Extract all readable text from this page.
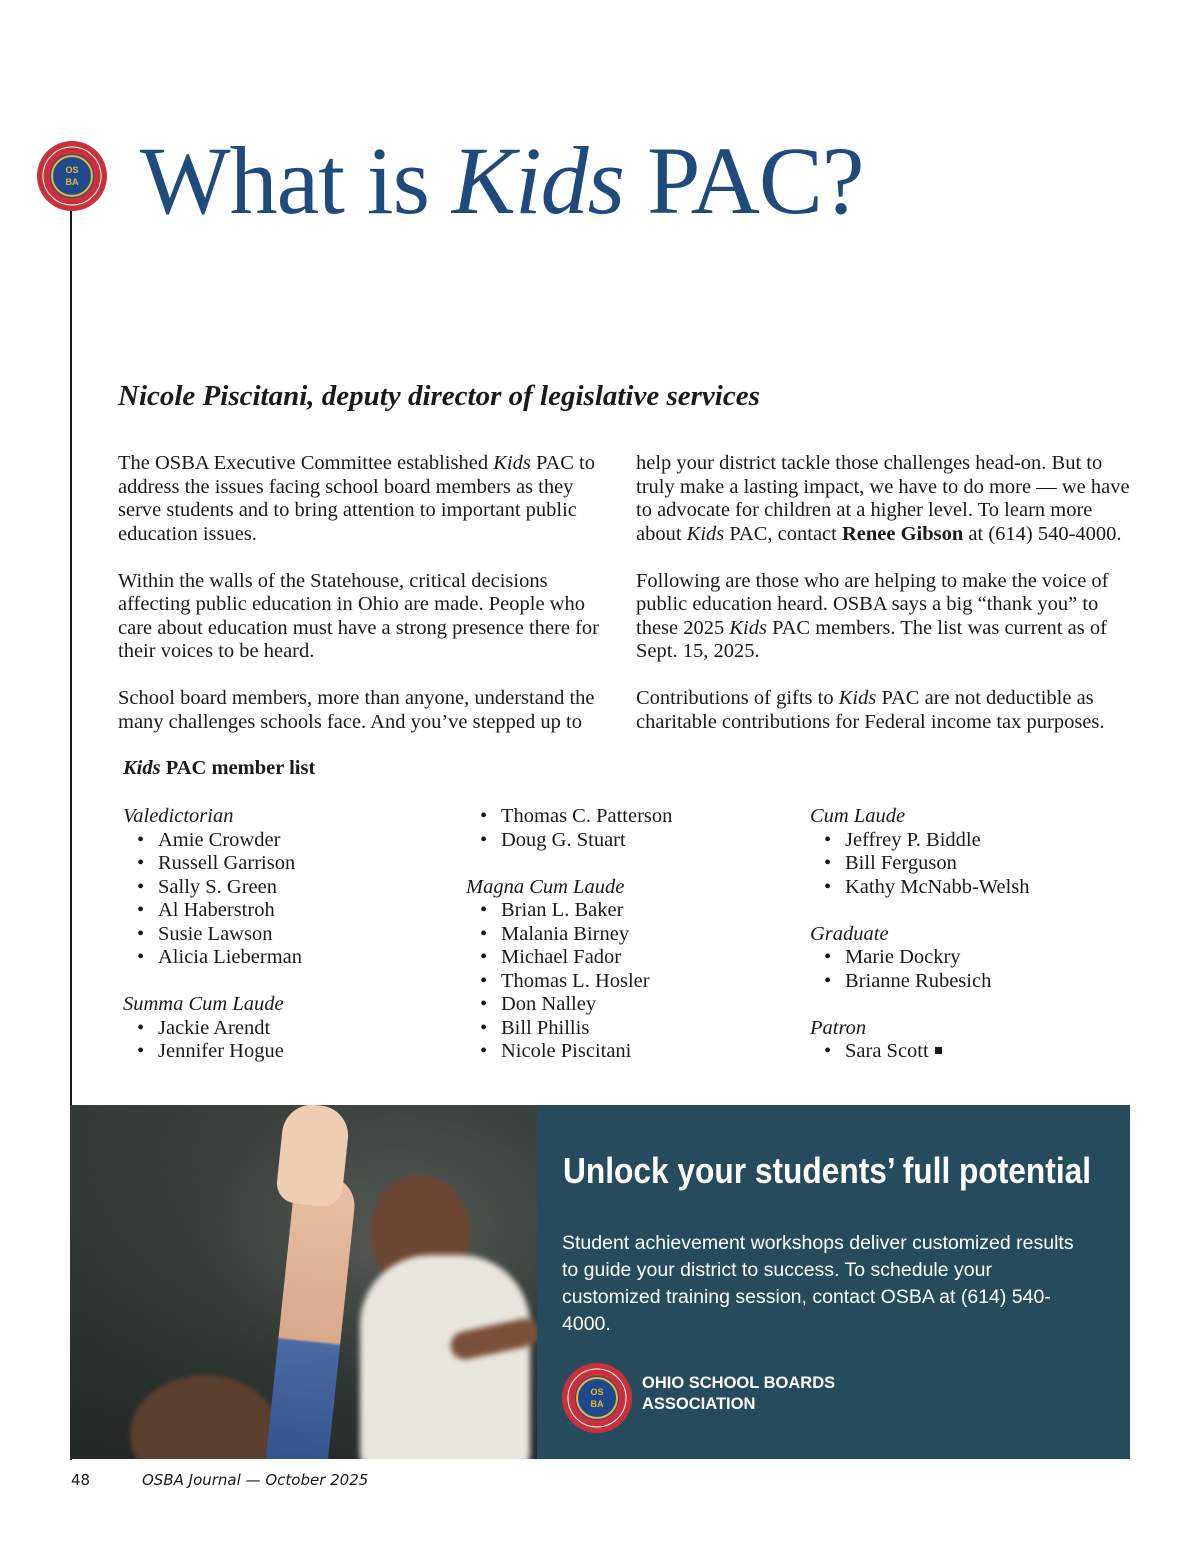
OS
BA What is Kids PAC?
Nicole Piscitani, deputy director of legislative services

The OSBA Executive Committee established Kids PAC to address the issues facing school board members as they serve students and to bring attention to important public education issues.

Within the walls of the Statehouse, critical decisions affecting public education in Ohio are made. People who care about education must have a strong presence there for their voices to be heard.

School board members, more than anyone, understand the many challenges schools face. And you’ve stepped up to

help your district tackle those challenges head-on. But to truly make a lasting impact, we have to do more — we have to advocate for children at a higher level. To learn more about Kids PAC, contact Renee Gibson at (614) 540-4000.

Following are those who are helping to make the voice of public education heard. OSBA says a big “thank you” to these 2025 Kids PAC members. The list was current as of Sept. 15, 2025.

Contributions of gifts to Kids PAC are not deductible as charitable contributions for Federal income tax purposes.

Kids PAC member list

Valedictorian

• Amie Crowder
• Russell Garrison
• Sally S. Green
• Al Haberstroh
• Susie Lawson
• Alicia Lieberman

Summa Cum Laude

• Jackie Arendt
• Jennifer Hogue
• Thomas C. Patterson
• Doug G. Stuart

Magna Cum Laude

• Brian L. Baker
• Malania Birney
• Michael Fador
• Thomas L. Hosler
• Don Nalley
• Bill Phillis
• Nicole Piscitani

Cum Laude

• Jeffrey P. Biddle
• Bill Ferguson
• Kathy McNabb-Welsh

Graduate

• Marie Dockry
• Brianne Rubesich

Patron

• Sara Scott
Unlock your students’ full potential

Student achievement workshops deliver customized results to guide your district to success. To schedule your customized training session, contact OSBA at (614) 540-4000.

OHIO SCHOOL BOARDS
ASSOCIATION
OS
BA
48	OSBA Journal — October 2025
